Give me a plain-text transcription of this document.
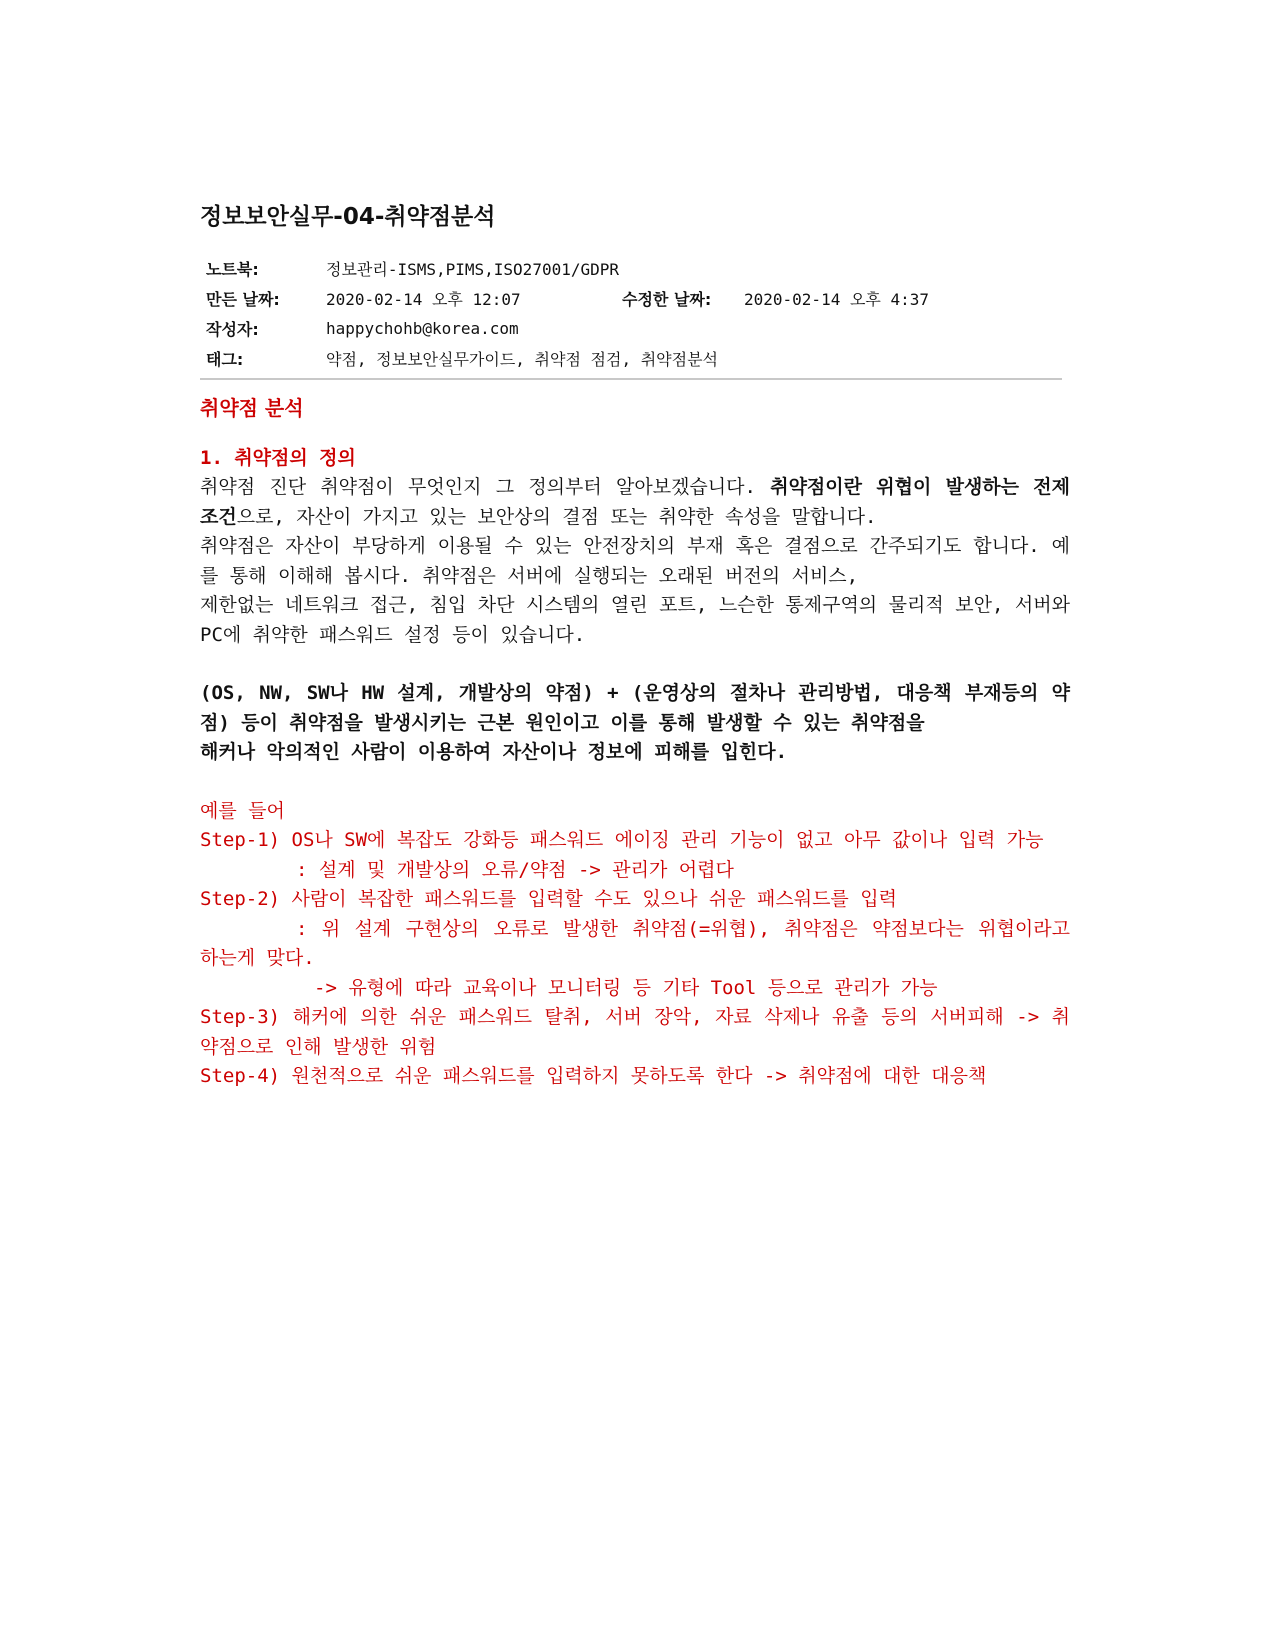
정보보안실무-04-취약점분석
노트북:	정보관리-ISMS,PIMS,ISO27001/GDPR		
만든 날짜:	2020-02-14 오후 12:07	수정한 날짜:	2020-02-14 오후 4:37
작성자:	happychohb@korea.com		
태그:	약점, 정보보안실무가이드, 취약점 점검, 취약점분석		
취약점 분석
1. 취약점의 정의

취약점 진단 취약점이 무엇인지 그 정의부터 알아보겠습니다. 취약점이란 위협이 발생하는 전제 조건으로, 자산이 가지고 있는 보안상의 결점 또는 취약한 속성을 말합니다.

취약점은 자산이 부당하게 이용될 수 있는 안전장치의 부재 혹은 결점으로 간주되기도 합니다. 예를 통해 이해해 봅시다. 취약점은 서버에 실행되는 오래된 버전의 서비스,

제한없는 네트워크 접근, 침입 차단 시스템의 열린 포트, 느슨한 통제구역의 물리적 보안, 서버와 PC에 취약한 패스워드 설정 등이 있습니다.

(OS, NW, SW나 HW 설계, 개발상의 약점) + (운영상의 절차나 관리방법, 대응책 부재등의 약점) 등이 취약점을 발생시키는 근본 원인이고 이를 통해 발생할 수 있는 취약점을

해커나 악의적인 사람이 이용하여 자산이나 정보에 피해를 입힌다.

예를 들어

Step-1) OS나 SW에 복잡도 강화등 패스워드 에이징 관리 기능이 없고 아무 값이나 입력 가능

: 설계 및 개발상의 오류/약점 -> 관리가 어렵다

Step-2) 사람이 복잡한 패스워드를 입력할 수도 있으나 쉬운 패스워드를 입력

: 위 설계 구현상의 오류로 발생한 취약점(=위협), 취약점은 약점보다는 위협이라고 하는게 맞다.

-> 유형에 따라 교육이나 모니터링 등 기타 Tool 등으로 관리가 가능

Step-3) 해커에 의한 쉬운 패스워드 탈취, 서버 장악, 자료 삭제나 유출 등의 서버피해 -> 취약점으로 인해 발생한 위험

Step-4) 원천적으로 쉬운 패스워드를 입력하지 못하도록 한다 -> 취약점에 대한 대응책
